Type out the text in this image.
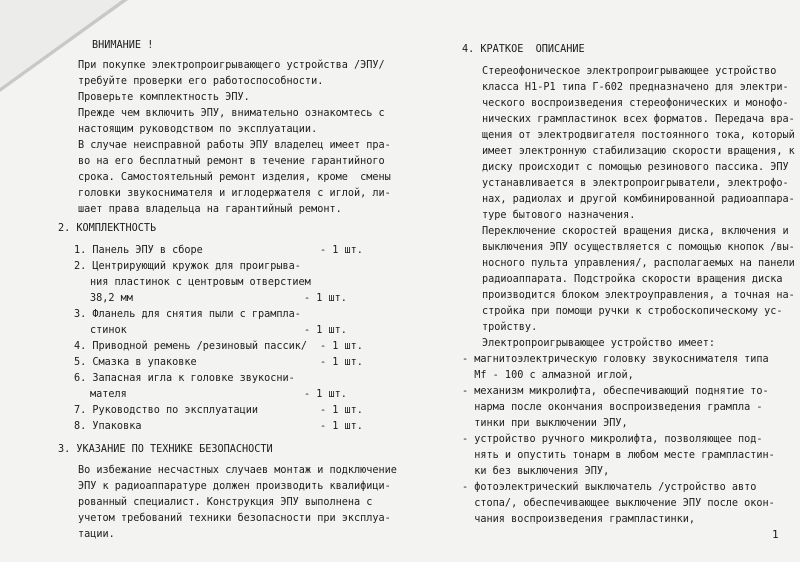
ВНИМАНИЕ !
При покупке электропроигрывающего устройства /ЭПУ/
требуйте проверки его работоспособности.
Проверьте комплектность ЭПУ.
Прежде чем включить ЭПУ, внимательно ознакомтесь с
настоящим руководством по эксплуатации.
В случае неисправной работы ЭПУ владелец имеет пра-
во на его бесплатный ремонт в течение гарантийного
срока. Самостоятельный ремонт изделия, кроме  смены
головки звукоснимателя и иглодержателя с иглой, ли-
шает права владельца на гарантийный ремонт.
2. КОМПЛЕКТНОСТЬ
1. Панель ЭПУ в сборе	- 1 шт.
2. Центрирующий кружок для проигрыва-
ния пластинок с центровым отверстием
38,2 мм	- 1 шт.
3. Фланель для снятия пыли с грампла-
стинок	- 1 шт.
4. Приводной ремень /резиновый пассик/ - 1 шт.
5. Смазка в упаковке	- 1 шт.
6. Запасная игла к головке звукосни-
мателя	- 1 шт.
7. Руководство по эксплуатации	- 1 шт.
8. Упаковка	- 1 шт.
3. УКАЗАНИЕ ПО ТЕХНИКЕ БЕЗОПАСНОСТИ
Во избежание несчастных случаев монтаж и подключение
ЭПУ к радиоаппаратуре должен производить квалифици-
рованный специалист. Конструкция ЭПУ выполнена с
учетом требований техники безопасности при эксплуа-
тации.
4. КРАТКОЕ  ОПИСАНИЕ
Стереофоническое электропроигрывающее устройство
класса Н1-Р1 типа Г-602 предназначено для электри-
ческого воспроизведения стереофонических и монофо-
нических грампластинок всех форматов. Передача вра-
щения от электродвигателя постоянного тока, который
имеет электронную стабилизацию скорости вращения, к
диску происходит с помощью резинового пассика. ЭПУ
устанавливается в электропроигрыватели, электрофо-
нах, радиолах и другой комбинированной радиоаппара-
туре бытового назначения.
Переключение скоростей вращения диска, включения и
выключения ЭПУ осуществляется с помощью кнопок /вы-
носного пульта управления/, располагаемых на панели
радиоаппарата. Подстройка скорости вращения диска
производится блоком электроуправления, а точная на-
стройка при помощи ручки к стробоскопическому ус-
тройству.
Электропроигрывающее устройство имеет:
- магнитоэлектрическую головку звукоснимателя типа
Мf - 100 с алмазной иглой,
- механизм микролифта, обеспечивающий поднятие то-
нарма после окончания воспроизведения грампла -
тинки при выключении ЭПУ,
- устройство ручного микролифта, позволяющее под-
нять и опустить тонарм в любом месте грампластин-
ки без выключения ЭПУ,
- фотоэлектрический выключатель /устройство авто
стопа/, обеспечивающее выключение ЭПУ после окон-
чания воспроизведения грампластинки,
1
